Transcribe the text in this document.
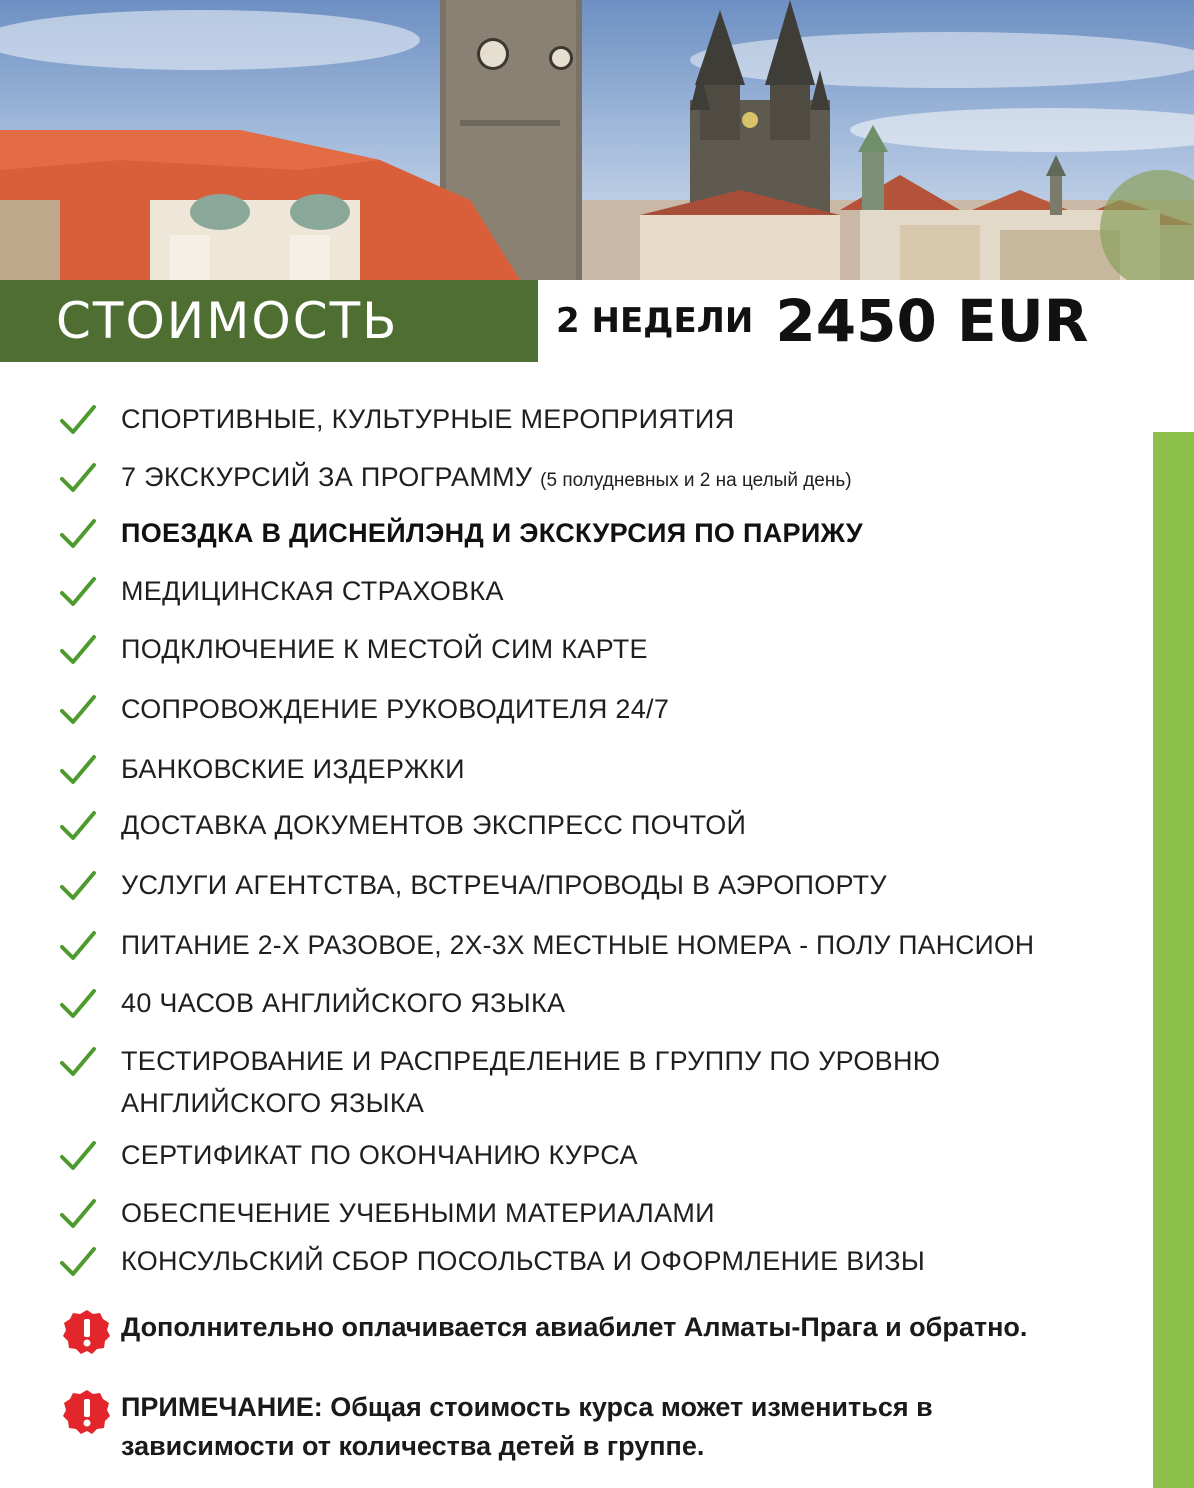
СТОИМОСТЬ	2 НЕДЕЛИ 2450 EUR
СПОРТИВНЫЕ, КУЛЬТУРНЫЕ МЕРОПРИЯТИЯ
7 ЭКСКУРСИЙ ЗА ПРОГРАММУ (5 полудневных и 2 на целый день)
ПОЕЗДКА В ДИСНЕЙЛЭНД И ЭКСКУРСИЯ ПО ПАРИЖУ
МЕДИЦИНСКАЯ СТРАХОВКА
ПОДКЛЮЧЕНИЕ К МЕСТОЙ СИМ КАРТЕ
СОПРОВОЖДЕНИЕ РУКОВОДИТЕЛЯ 24/7
БАНКОВСКИЕ ИЗДЕРЖКИ
ДОСТАВКА ДОКУМЕНТОВ ЭКСПРЕСС ПОЧТОЙ
УСЛУГИ АГЕНТСТВА, ВСТРЕЧА/ПРОВОДЫ В АЭРОПОРТУ
ПИТАНИЕ 2-Х РАЗОВОЕ, 2Х-3Х МЕСТНЫЕ НОМЕРА - ПОЛУ ПАНСИОН
40 ЧАСОВ АНГЛИЙСКОГО ЯЗЫКА
ТЕСТИРОВАНИЕ И РАСПРЕДЕЛЕНИЕ В ГРУППУ ПО УРОВНЮ АНГЛИЙСКОГО ЯЗЫКА
СЕРТИФИКАТ ПО ОКОНЧАНИЮ КУРСА
ОБЕСПЕЧЕНИЕ УЧЕБНЫМИ МАТЕРИАЛАМИ
КОНСУЛЬСКИЙ СБОР ПОСОЛЬСТВА И ОФОРМЛЕНИЕ ВИЗЫ
Дополнительно оплачивается авиабилет Алматы-Прага и обратно.
ПРИМЕЧАНИЕ: Общая стоимость курса может измениться в зависимости от количества детей в группе.
